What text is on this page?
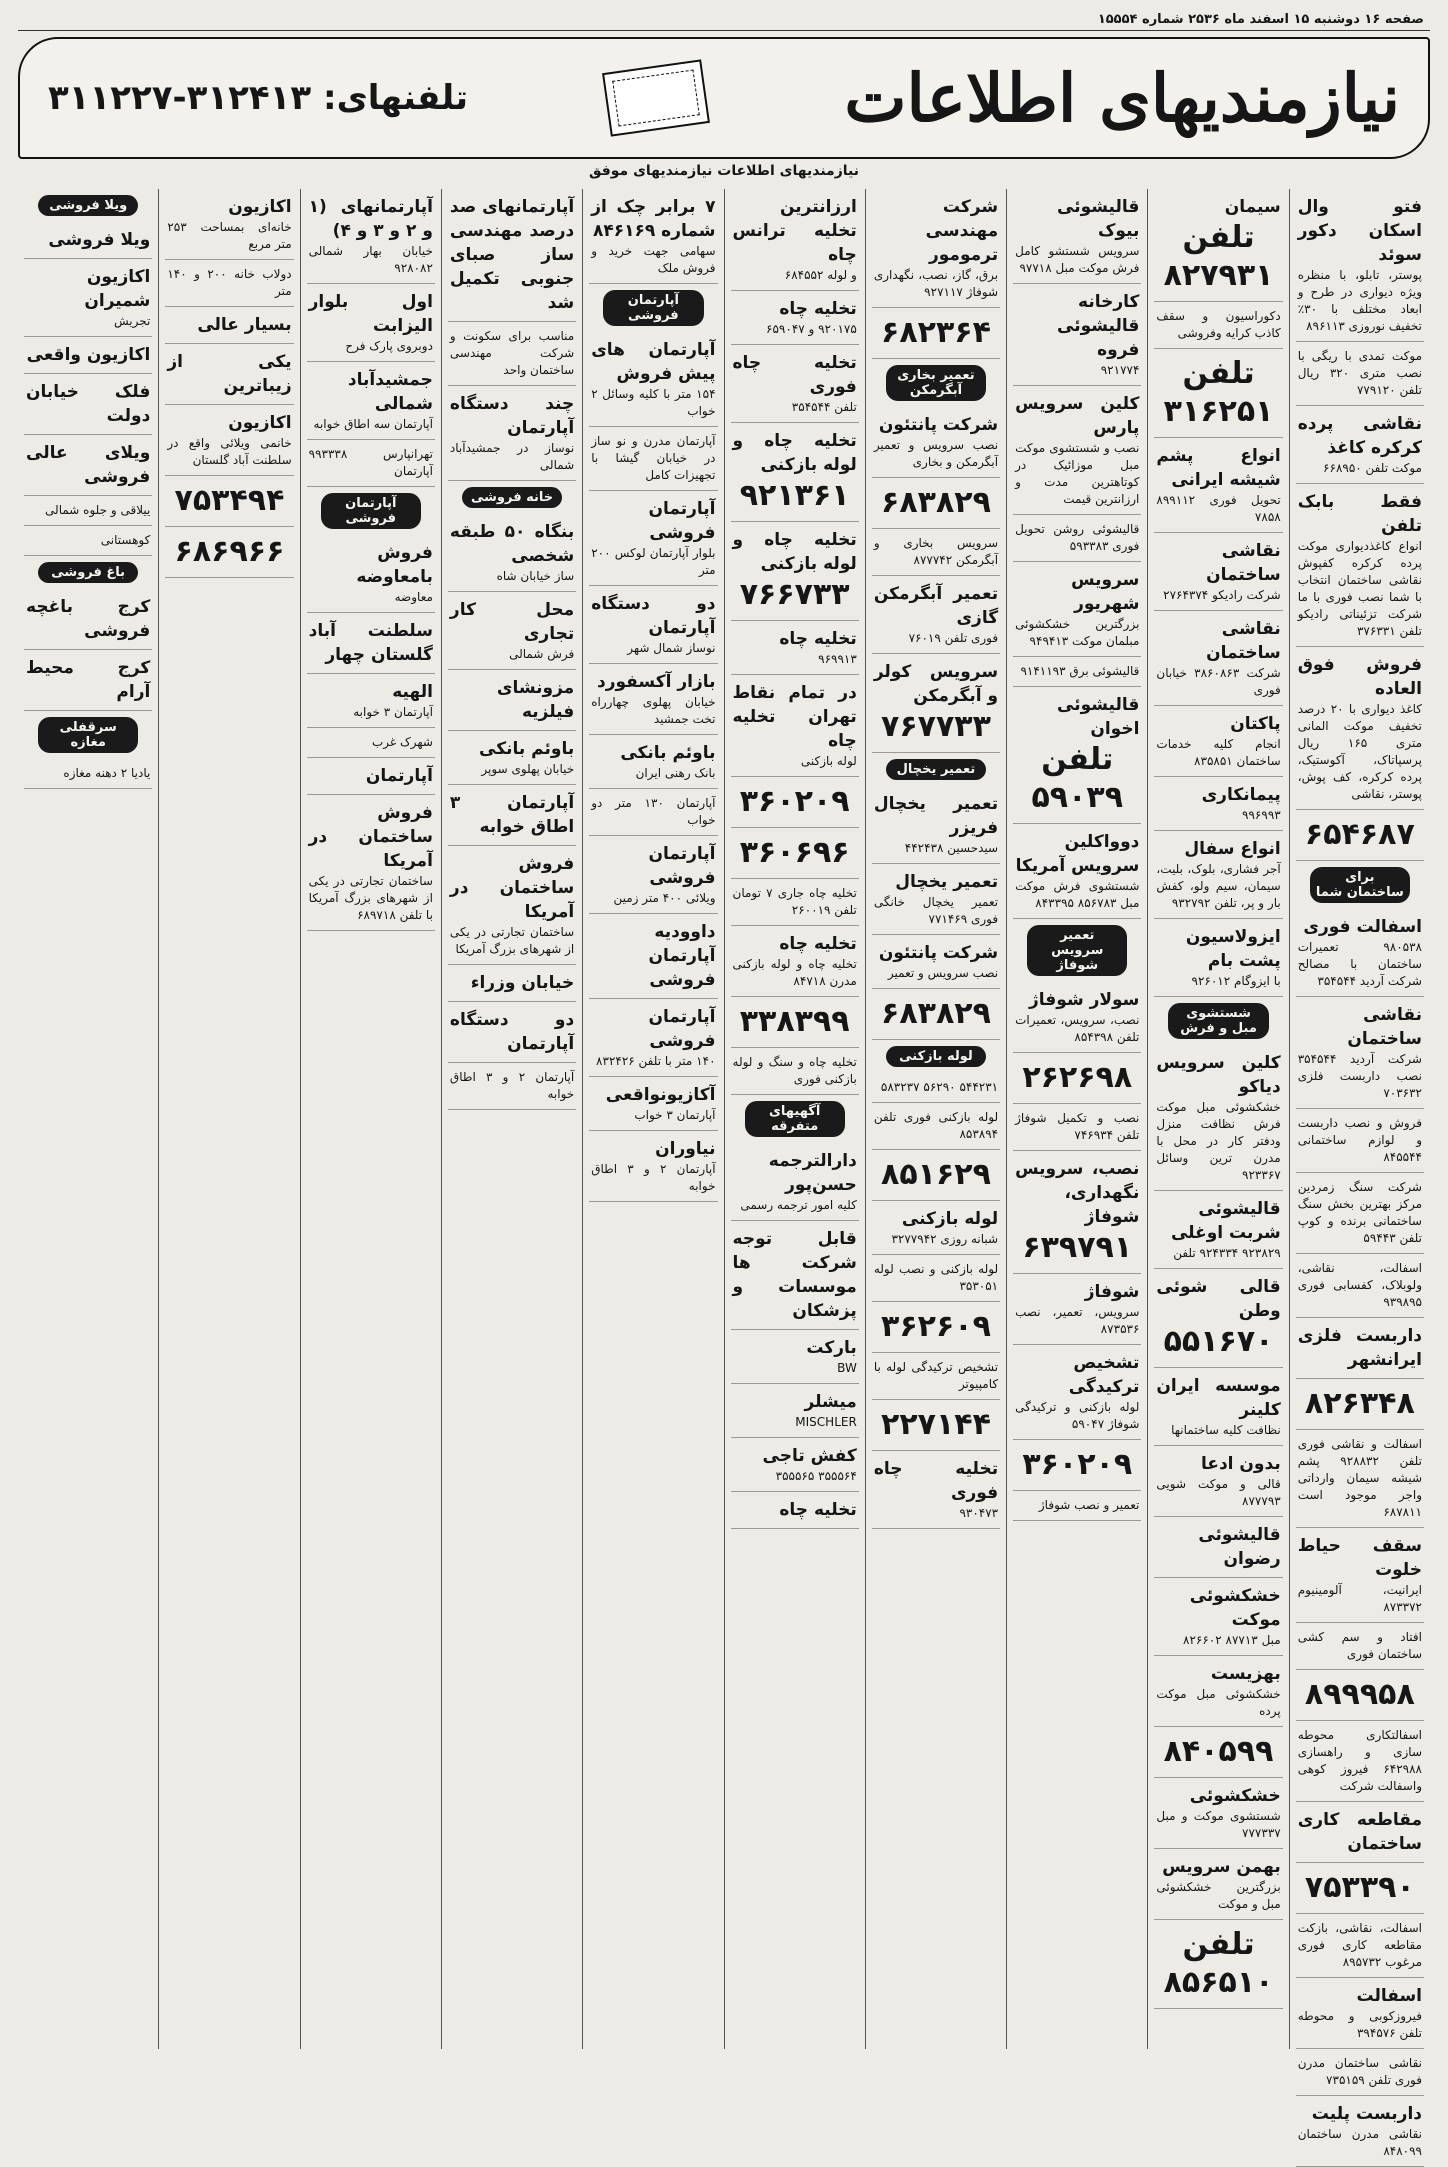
صفحه ۱۶ دوشنبه ۱۵ اسفند ماه ۲۵۳۶ شماره ۱۵۵۵۴
نیازمندیهای اطلاعات
تلفنهای: ۳۱۲۴۱۳-۳۱۱۲۲۷
نیازمندیهای اطلاعات نیازمندیهای موفق
فتو وال اسکان دکور سوئد
پوستر، تابلو، با منظره ویژه دیواری در طرح و ابعاد مختلف با ۳۰٪ تخفیف نوروزی ۸۹۶۱۱۳
موکت تمدی با ریگی با نصب متری ۳۲۰ ریال تلفن ۷۷۹۱۲۰
نقاشی پرده کرکره کاغذ
موکت تلفن ۶۶۸۹۵۰
فقط بابک تلفن
انواع کاغذدیواری موکت پرده کرکره کفپوش نقاشی ساختمان انتخاب با شما نصب فوری با ما شرکت تزئیناتی رادیکو تلفن ۳۷۶۳۳۱
فروش فوق العاده
کاغذ دیواری با ۲۰ درصد تخفیف موکت المانی متری ۱۶۵ ریال پرسپاتاک، آکوستیک، پرده کرکره، کف پوش، پوستر، نقاشی
۶۵۴۶۸۷
برای ساختمان شما
اسفالت فوری
۹۸۰۵۳۸ تعمیرات ساختمان با مصالح شرکت آردید ۳۵۴۵۴۴
نقاشی ساختمان
شرکت آردید ۳۵۴۵۴۴ نصب داربست فلزی ۷۰۳۶۳۲
فروش و نصب داربست و لوازم ساختمانی ۸۴۵۵۴۴
شرکت سنگ زمردین مرکز بهترین بخش سنگ ساختمانی برنده و کوپ تلفن ۵۹۴۴۳
اسفالت، نقاشی، ولوبلاک، کفسابی فوری ۹۳۹۸۹۵
داربست فلزی ایرانشهر
۸۲۶۳۴۸
اسفالت و نقاشی فوری تلفن ۹۲۸۸۳۲ پشم شیشه سیمان وارداتی واجر موجود است ۶۸۷۸۱۱
سقف حیاط خلوت
ایرانیت، آلومینیوم ۸۷۳۳۷۲
افتاد و سم کشی ساختمان فوری
۸۹۹۹۵۸
اسفالتکاری محوطه سازی و راهسازی ۶۴۲۹۸۸ فیروز کوهی واسفالت شرکت
مقاطعه کاری ساختمان
۷۵۳۳۹۰
اسفالت، نقاشی، بازکت مقاطعه کاری فوری مرغوب ۸۹۵۷۳۲
اسفالت
فیروزکوبی و محوطه تلفن ۳۹۴۵۷۶
نقاشی ساختمان مدرن فوری تلفن ۷۳۵۱۵۹
داربست پلیت
نقاشی مدرن ساختمان ۸۴۸۰۹۹
سیمان
تلفن ۸۲۷۹۳۱
دکوراسیون و سقف کاذب کرایه وفروشی
تلفن ۳۱۶۲۵۱
انواع پشم شیشه ایرانی
تحویل فوری ۸۹۹۱۱۲ ۷۸۵۸
نقاشی ساختمان
شرکت رادیکو ۲۷۶۴۳۷۴
نقاشی ساختمان
شرکت ۳۸۶۰۸۶۳ خیابان فوری
پاکتان
انجام کلیه خدمات ساختمان ۸۳۵۸۵۱
پیمانکاری
۹۹۶۹۹۳
انواع سفال
آجر فشاری، بلوک، بلیت، سیمان، سیم ولو، کفش بار و پر، تلفن ۹۳۲۷۹۲
ایزولاسیون پشت بام
با ایزوگام ۹۲۶۰۱۲
شستشوی مبل و فرش
کلین سرویس دیاکو
خشکشوئی مبل موکت فرش نظافت منزل ودفتر کار در محل با مدرن ترین وسائل ۹۲۳۳۶۷
قالیشوئی شربت اوغلی
۹۲۳۸۲۹ ۹۲۴۳۳۴ تلفن
قالی شوئی وطن
۵۵۱۶۷۰
موسسه ایران کلینر
نظافت کلیه ساختمانها
بدون ادعا
قالی و موکت شویی ۸۷۷۷۹۳
قالیشوئی رضوان
خشکشوئی موکت
مبل ۸۷۷۱۳ ۸۲۶۶۰۲
بهزیست
خشکشوئی مبل موکت پرده
۸۴۰۵۹۹
خشکشوئی
شستشوی موکت و مبل ۷۷۷۳۳۷
بهمن سرویس
بزرگترین خشکشوئی مبل و موکت
تلفن ۸۵۶۵۱۰
قالیشوئی بیوک
سرویس شستشو کامل فرش موکت مبل ۹۷۷۱۸
کارخانه قالیشوئی فروه
۹۲۱۷۷۴
کلین سرویس پارس
نصب و شستشوی موکت مبل موزائیک در کوتاهترین مدت و ارزانترین قیمت
قالیشوئی روشن تحویل فوری ۵۹۳۳۸۳
سرویس شهریور
بزرگترین خشکشوئی مبلمان موکت ۹۴۹۴۱۳
قالیشوئی برق ۹۱۴۱۱۹۳
قالیشوئی اخوان
تلفن ۵۹۰۳۹
دوواکلین سرویس آمریکا
شستشوی فرش موکت مبل ۸۵۶۷۸۳ ۸۴۳۳۹۵
تعمیر سرویس شوفاژ
سولار شوفاژ
نصب، سرویس، تعمیرات تلفن ۸۵۴۳۹۸
۲۶۲۶۹۸
نصب و تکمیل شوفاژ تلفن ۷۴۶۹۳۴
نصب، سرویس نگهداری، شوفاژ
۶۳۹۷۹۱
شوفاژ
سرویس، تعمیر، نصب ۸۷۳۵۳۶
تشخیص ترکیدگی
لوله بازکنی و ترکیدگی شوفاژ ۵۹۰۴۷
۳۶۰۲۰۹
تعمیر و نصب شوفاژ
شرکت مهندسی ترمومور
برق، گاز، نصب، نگهداری شوفاژ ۹۲۷۱۱۷
۶۸۲۳۶۴
تعمیر بخاری آبگرمکن
شرکت پانتئون
نصب سرویس و تعمیر آبگرمکن و بخاری
۶۸۳۸۲۹
سرویس بخاری و آبگرمکن ۸۷۷۷۴۲
تعمیر آبگرمکن گازی
فوری تلفن ۷۶۰۱۹
سرویس کولر و آبگرمکن
۷۶۷۷۳۳
تعمیر یخچال
تعمیر یخچال فریزر
سیدحسین ۴۴۲۴۳۸
تعمیر یخچال
تعمیر یخچال خانگی فوری ۷۷۱۴۶۹
شرکت پانتئون
نصب سرویس و تعمیر
۶۸۳۸۲۹
لوله بازکنی
۵۴۴۲۳۱ ۵۶۲۹۰ ۵۸۳۲۳۷
لوله بازکنی فوری تلفن ۸۵۳۸۹۴
۸۵۱۶۲۹
لوله بازکنی
شبانه روزی ۳۲۷۷۹۴۲
لوله بازکنی و نصب لوله ۳۵۳۰۵۱
۳۶۲۶۰۹
تشخیص ترکیدگی لوله با کامپیوتر
۲۲۷۱۴۴
تخلیه چاه فوری
۹۳۰۴۷۳
ارزانترین تخلیه ترانس چاه
و لوله ۶۸۴۵۵۲
تخلیه چاه
۹۲۰۱۷۵ و ۶۵۹۰۴۷
تخلیه چاه فوری
تلفن ۳۵۴۵۴۴
تخلیه چاه و لوله بازکنی
۹۲۱۳۶۱
تخلیه چاه و لوله بازکنی
۷۶۶۷۳۳
تخلیه چاه
۹۶۹۹۱۳
در تمام نقاط تهران تخلیه چاه
لوله بازکنی
۳۶۰۲۰۹
۳۶۰۶۹۶
تخلیه چاه جاری ۷ تومان تلفن ۲۶۰۰۱۹
تخلیه چاه
تخلیه چاه و لوله بازکنی مدرن ۸۴۷۱۸
۳۳۸۳۹۹
تخلیه چاه و سنگ و لوله بازکنی فوری
آگهیهای متفرقه
دارالترجمه حسن‌پور
کلیه امور ترجمه رسمی
قابل توجه شرکت ها موسسات و پزشکان
بارکت
BW
میشلر
MISCHLER
کفش تاجی
۳۵۵۵۶۴ ۳۵۵۵۶۵
تخلیه چاه
۷ برابر چک از شماره ۸۴۶۱۶۹
سهامی جهت خرید و فروش ملک
آپارتمان فروشی
آپارتمان های پیش فروش
۱۵۴ متر با کلیه وسائل ۲ خواب
آپارتمان مدرن و نو ساز در خیابان گیشا با تجهیزات کامل
آپارتمان فروشی
بلوار آپارتمان لوکس ۲۰۰ متر
دو دستگاه آپارتمان
نوساز شمال شهر
بازار آکسفورد
خیابان پهلوی چهارراه تخت جمشید
باوئم بانکی
بانک رهنی ایران
آپارتمان ۱۳۰ متر دو خواب
آپارتمان فروشی
ویلائی ۴۰۰ متر زمین
داوودیه آپارتمان فروشی
آپارتمان فروشی
۱۴۰ متر با تلفن ۸۳۲۴۲۶
آکازیونواقعی
آپارتمان ۳ خواب
نیاوران
آپارتمان ۲ و ۳ اطاق خوابه
آپارتمانهای صد درصد مهندسی ساز صبای جنوبی تکمیل شد
مناسب برای سکونت و شرکت مهندسی ساختمان واحد
چند دستگاه آپارتمان
نوساز در جمشیدآباد شمالی
خانه فروشی
بنگاه ۵۰ طبقه شخصی
ساز خیابان شاه
محل کار تجاری
فرش شمالی
مزونشای فیلزیه
باوئم بانکی
خیابان پهلوی سوپر
آپارتمان ۳ اطاق خوابه
فروش ساختمان در آمریکا
ساختمان تجارتی در یکی از شهرهای بزرگ آمریکا
خیابان وزراء
دو دستگاه آپارتمان
آپارتمان ۲ و ۳ اطاق خوابه
آپارتمانهای (۱ و ۲ و ۳ و ۴)
خیابان بهار شمالی ۹۲۸۰۸۲
اول بلوار الیزابت
دوبروی پارک فرح
جمشیدآباد شمالی
آپارتمان سه اطاق خوابه
تهرانپارس ۹۹۳۳۳۸ آپارتمان
آپارتمان فروشی
فروش بامعاوضه
معاوضه
سلطنت آباد گلستان چهار
الهیه
آپارتمان ۳ خوابه
شهرک غرب
آپارتمان
فروش ساختمان در آمریکا
ساختمان تجارتی در یکی از شهرهای بزرگ آمریکا با تلفن ۶۸۹۷۱۸
اکازیون
خانه‌ای بمساحت ۲۵۳ متر مربع
دولاب خانه ۲۰۰ و ۱۴۰ متر
بسیار عالی
یکی از زیباترین
اکازیون
خانمی ویلائی واقع در سلطنت آباد گلستان
۷۵۳۴۹۴
۶۸۶۹۶۶
ویلا فروشی
ویلا فروشی
اکازیون شمیران
تجریش
اکازیون واقعی
فلک خیابان دولت
ویلای عالی فروشی
ییلاقی و جلوه شمالی
کوهستانی
باغ فروشی
کرج باغچه فروشی
کرج محیط آرام
سرقفلی مغازه
یادیا ۲ دهنه مغازه
